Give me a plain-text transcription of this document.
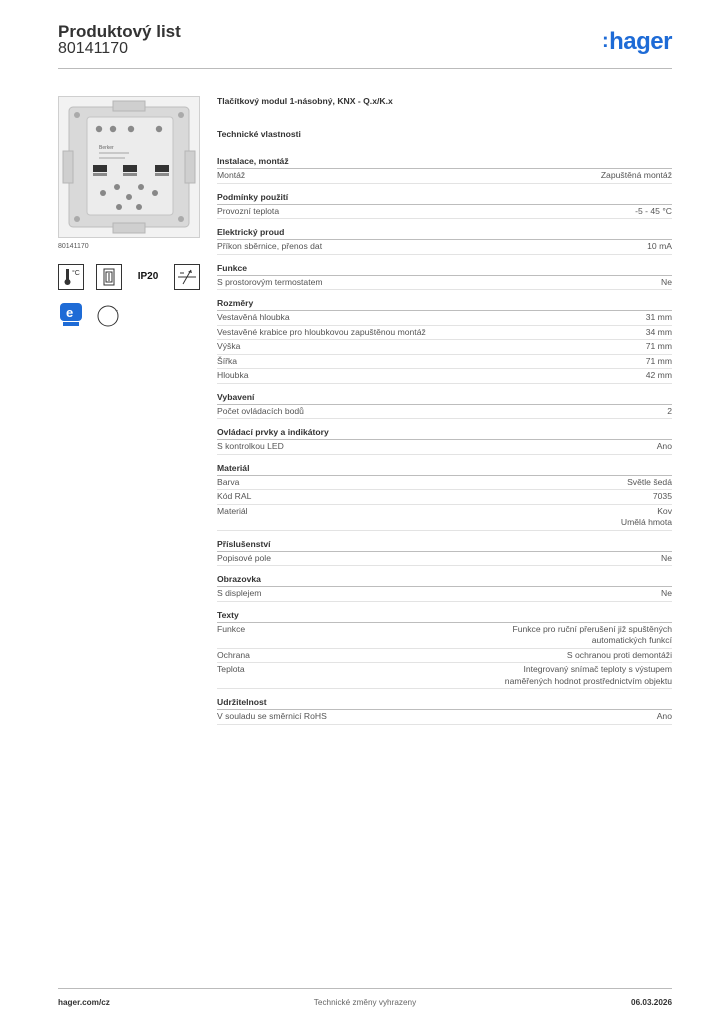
Produktový list
80141170	:hager
Berker
80141170
°C	IP20
e	..
Tlačítkový modul 1-násobný, KNX - Q.x/K.x
Technické vlastnosti
Instalace, montáž
Montáž	Zapuštěná montáž
Podmínky použití
Provozní teplota	-5 - 45 °C
Elektrický proud
Příkon sběrnice, přenos dat	10 mA
Funkce
S prostorovým termostatem	Ne
Rozměry
Vestavěná hloubka	31 mm
Vestavěné krabice pro hloubkovou zapuštěnou montáž	34 mm
Výška	71 mm
Šířka	71 mm
Hloubka	42 mm
Vybavení
Počet ovládacích bodů	2
Ovládací prvky a indikátory
S kontrolkou LED	Ano
Materiál
Barva	Světle šedá
Kód RAL	7035
Materiál	Kov
Umělá hmota
Příslušenství
Popisové pole	Ne
Obrazovka
S displejem	Ne
Texty
Funkce	Funkce pro ruční přerušení již spuštěných
automatických funkcí
Ochrana	S ochranou proti demontáži
Teplota	Integrovaný snímač teploty s výstupem
naměřených hodnot prostřednictvím objektu
Udržitelnost
V souladu se směrnicí RoHS	Ano
hager.com/cz	Technické změny vyhrazeny	06.03.2026
